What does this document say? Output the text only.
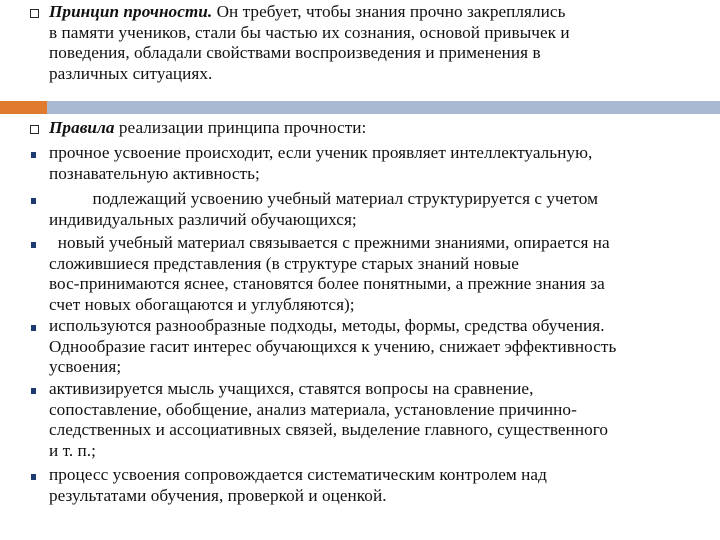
Принцип прочности. Он требует, чтобы знания прочно закреплялись
в памяти учеников, стали бы частью их сознания, основой привычек и
поведения, обладали свойствами воспроизведения и применения в
различных ситуациях.

Правила реализации принципа прочности:

прочное усвоение происходит, если ученик проявляет интеллектуальную,
познавательную активность;

подлежащий усвоению учебный материал структурируется с учетом
индивидуальных различий обучающихся;

новый учебный материал связывается с прежними знаниями, опирается на
сложившиеся представления (в структуре старых знаний новые
вос-принимаются яснее, становятся более понятными, а прежние знания за
счет новых обогащаются и углубляются);

используются разнообразные подходы, методы, формы, средства обучения.
Однообразие гасит интерес обучающихся к учению, снижает эффективность
усвоения;

активизируется мысль учащихся, ставятся вопросы на сравнение,
сопоставление, обобщение, анализ материала, установление причинно-
следственных и ассоциативных связей, выделение главного, существенного
и т. п.;

процесс усвоения сопровождается систематическим контролем над
результатами обучения, проверкой и оценкой.
